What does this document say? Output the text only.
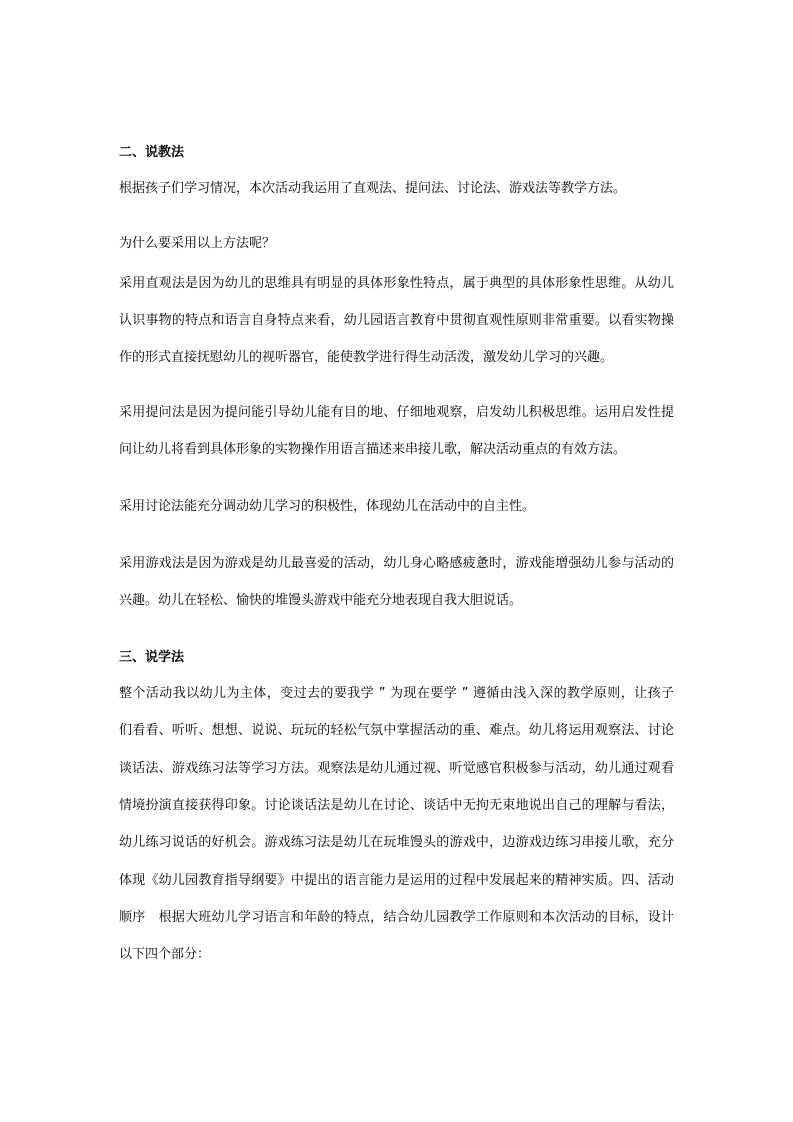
二、说教法
根据孩子们学习情况，本次活动我运用了直观法、提问法、讨论法、游戏法等教学方法。
为什么要采用以上方法呢？
采用直观法是因为幼儿的思维具有明显的具体形象性特点，属于典型的具体形象性思维。从幼儿
认识事物的特点和语言自身特点来看，幼儿园语言教育中贯彻直观性原则非常重要。以看实物操
作的形式直接抚慰幼儿的视听器官，能使教学进行得生动活泼，激发幼儿学习的兴趣。
采用提问法是因为提问能引导幼儿能有目的地、仔细地观察，启发幼儿积极思维。运用启发性提
问让幼儿将看到具体形象的实物操作用语言描述来串接儿歌，解决活动重点的有效方法。
采用讨论法能充分调动幼儿学习的积极性，体现幼儿在活动中的自主性。
采用游戏法是因为游戏是幼儿最喜爱的活动，幼儿身心略感疲惫时，游戏能增强幼儿参与活动的
兴趣。幼儿在轻松、愉快的堆馒头游戏中能充分地表现自我大胆说话。
三、说学法
整个活动我以幼儿为主体，变过去的要我学 ” 为现在要学 ” 遵循由浅入深的教学原则，让孩子
们看看、听听、想想、说说、玩玩的轻松气氛中掌握活动的重、难点。幼儿将运用观察法、讨论
谈话法、游戏练习法等学习方法。观察法是幼儿通过视、听觉感官积极参与活动，幼儿通过观看
情境扮演直接获得印象。讨论谈话法是幼儿在讨论、谈话中无拘无束地说出自己的理解与看法，
幼儿练习说话的好机会。游戏练习法是幼儿在玩堆馒头的游戏中，边游戏边练习串接儿歌，充分
体现《幼儿园教育指导纲要》中提出的语言能力是运用的过程中发展起来的精神实质。四、活动
顺序　根据大班幼儿学习语言和年龄的特点，结合幼儿园教学工作原则和本次活动的目标，设计
以下四个部分：
